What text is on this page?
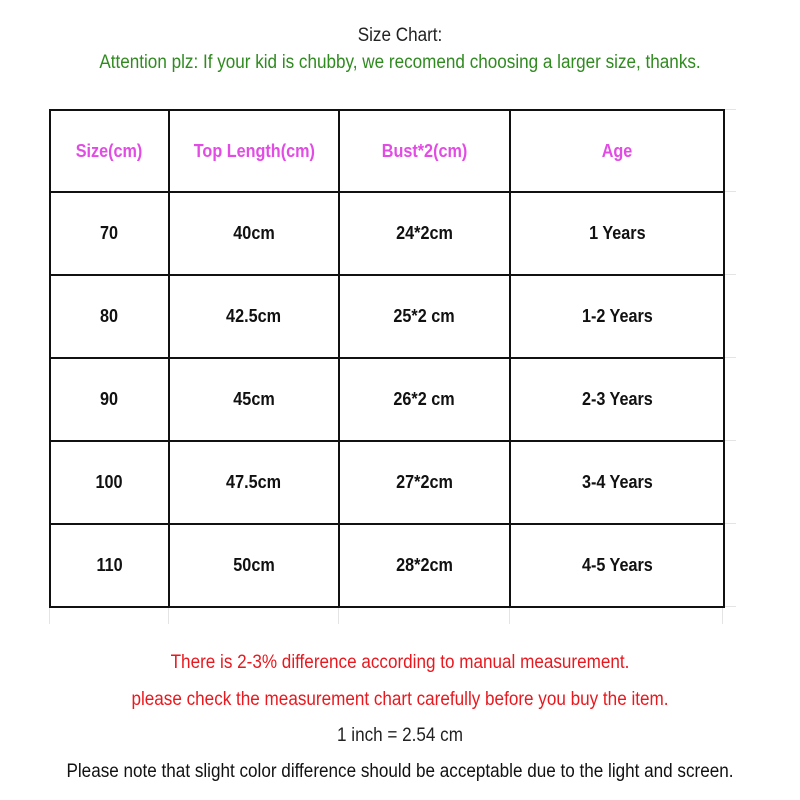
Size Chart:
Attention plz: If your kid is chubby, we recomend choosing a larger size, thanks.
Size(cm)	Top Length(cm)	Bust*2(cm)	Age
70	40cm	24*2cm	1 Years
80	42.5cm	25*2 cm	1-2 Years
90	45cm	26*2 cm	2-3 Years
100	47.5cm	27*2cm	3-4 Years
110	50cm	28*2cm	4-5 Years
There is 2-3% difference according to manual measurement.
please check the measurement chart carefully before you buy the item.
1 inch = 2.54 cm
Please note that slight color difference should be acceptable due to the light and screen.
